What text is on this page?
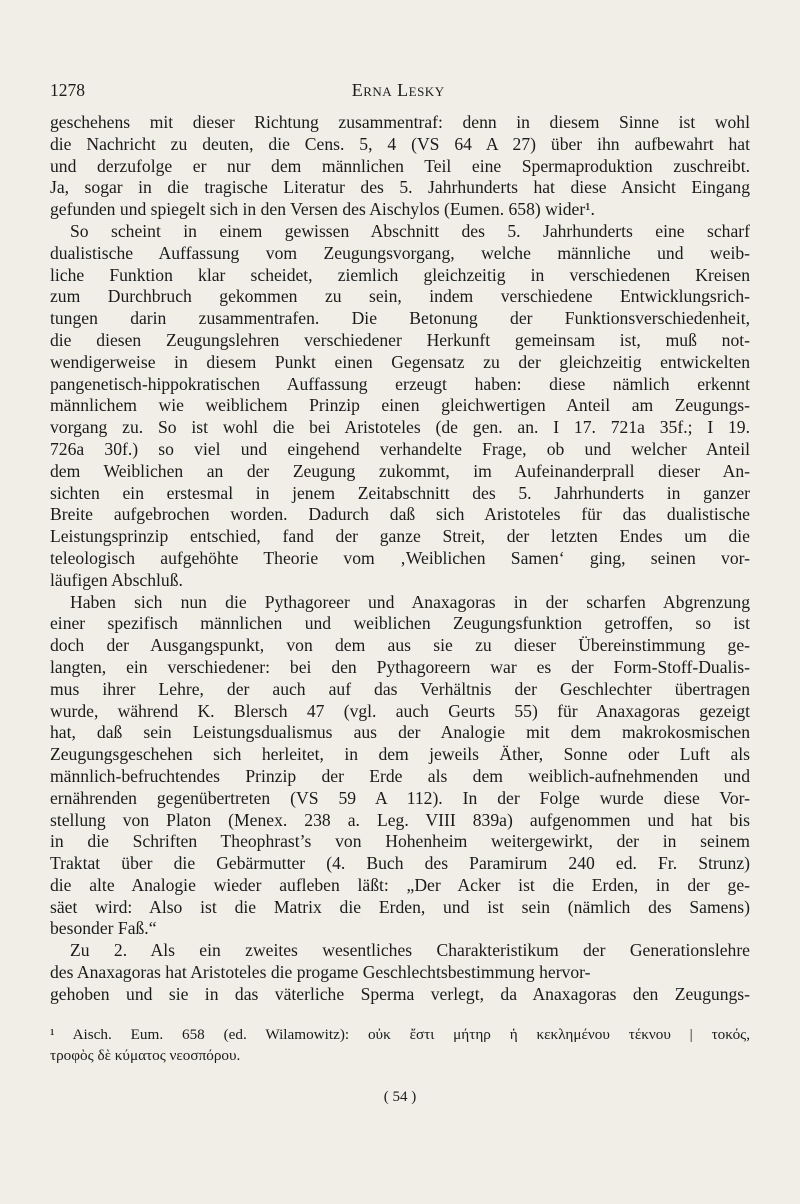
1278	Erna Lesky
geschehens mit dieser Richtung zusammentraf: denn in diesem Sinne ist wohl
die Nachricht zu deuten, die Cens. 5, 4 (VS 64 A 27) über ihn aufbewahrt hat
und derzufolge er nur dem männlichen Teil eine Spermaproduktion zuschreibt.
Ja, sogar in die tragische Literatur des 5. Jahrhunderts hat diese Ansicht Eingang
gefunden und spiegelt sich in den Versen des Aischylos (Eumen. 658) wider¹.
So scheint in einem gewissen Abschnitt des 5. Jahrhunderts eine scharf
dualistische Auffassung vom Zeugungsvorgang, welche männliche und weib-
liche Funktion klar scheidet, ziemlich gleichzeitig in verschiedenen Kreisen
zum Durchbruch gekommen zu sein, indem verschiedene Entwicklungsrich-
tungen darin zusammentrafen. Die Betonung der Funktionsverschiedenheit,
die diesen Zeugungslehren verschiedener Herkunft gemeinsam ist, muß not-
wendigerweise in diesem Punkt einen Gegensatz zu der gleichzeitig entwickelten
pangenetisch-hippokratischen Auffassung erzeugt haben: diese nämlich erkennt
männlichem wie weiblichem Prinzip einen gleichwertigen Anteil am Zeugungs-
vorgang zu. So ist wohl die bei Aristoteles (de gen. an. I 17. 721a 35f.; I 19.
726a 30f.) so viel und eingehend verhandelte Frage, ob und welcher Anteil
dem Weiblichen an der Zeugung zukommt, im Aufeinanderprall dieser An-
sichten ein erstesmal in jenem Zeitabschnitt des 5. Jahrhunderts in ganzer
Breite aufgebrochen worden. Dadurch daß sich Aristoteles für das dualistische
Leistungsprinzip entschied, fand der ganze Streit, der letzten Endes um die
teleologisch aufgehöhte Theorie vom ‚Weiblichen Samen‘ ging, seinen vor-
läufigen Abschluß.
Haben sich nun die Pythagoreer und Anaxagoras in der scharfen Abgrenzung
einer spezifisch männlichen und weiblichen Zeugungsfunktion getroffen, so ist
doch der Ausgangspunkt, von dem aus sie zu dieser Übereinstimmung ge-
langten, ein verschiedener: bei den Pythagoreern war es der Form-Stoff-Dualis-
mus ihrer Lehre, der auch auf das Verhältnis der Geschlechter übertragen
wurde, während K. Blersch 47 (vgl. auch Geurts 55) für Anaxagoras gezeigt
hat, daß sein Leistungsdualismus aus der Analogie mit dem makrokosmischen
Zeugungsgeschehen sich herleitet, in dem jeweils Äther, Sonne oder Luft als
männlich-befruchtendes Prinzip der Erde als dem weiblich-aufnehmenden und
ernährenden gegenübertreten (VS 59 A 112). In der Folge wurde diese Vor-
stellung von Platon (Menex. 238 a. Leg. VIII 839a) aufgenommen und hat bis
in die Schriften Theophrast’s von Hohenheim weitergewirkt, der in seinem
Traktat über die Gebärmutter (4. Buch des Paramirum 240 ed. Fr. Strunz)
die alte Analogie wieder aufleben läßt: „Der Acker ist die Erden, in der ge-
säet wird: Also ist die Matrix die Erden, und ist sein (nämlich des Samens)
besonder Faß.“
Zu 2. Als ein zweites wesentliches Charakteristikum der Generationslehre
des Anaxagoras hat Aristoteles die progame Geschlechtsbestimmung hervor-
gehoben und sie in das väterliche Sperma verlegt, da Anaxagoras den Zeugungs-
¹ Aisch. Eum. 658 (ed. Wilamowitz): οὐκ ἔστι μήτηρ ἡ κεκλημένου τέκνου | τοκός,
τροφὸς δὲ κύματος νεοσπόρου.
( 54 )
